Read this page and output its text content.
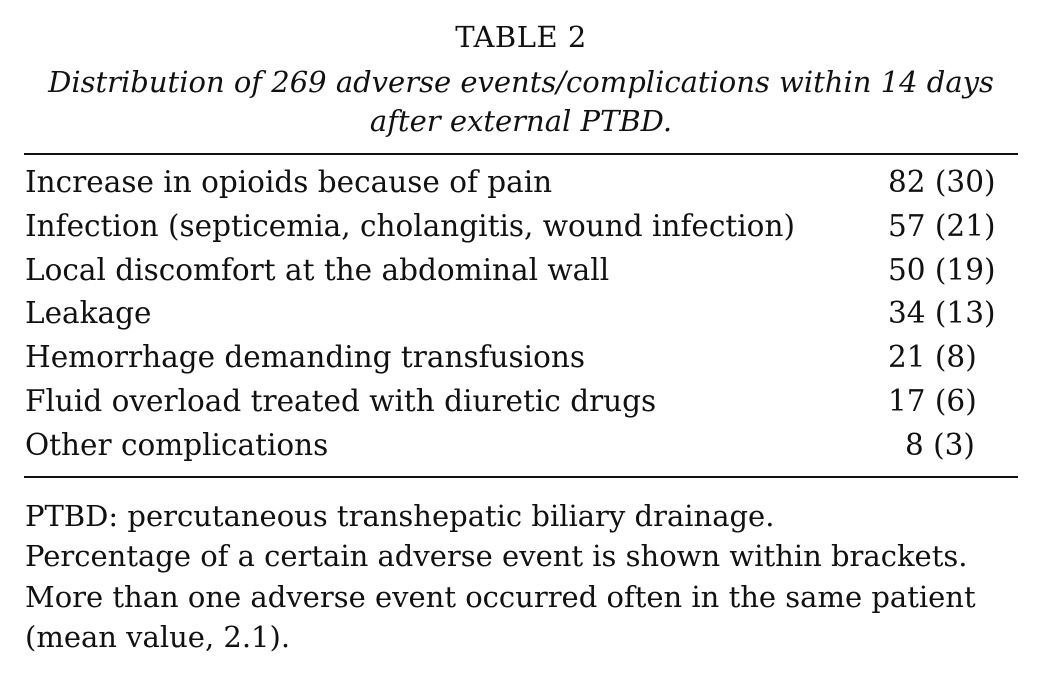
TABLE 2
Distribution of 269 adverse events/complications within 14 days after external PTBD.
Increase in opioids because of pain	82 (30)
Infection (septicemia, cholangitis, wound infection)	57 (21)
Local discomfort at the abdominal wall	50 (19)
Leakage	34 (13)
Hemorrhage demanding transfusions	21 (8)
Fluid overload treated with diuretic drugs	17 (6)
Other complications	8 (3)

PTBD: percutaneous transhepatic biliary drainage.

Percentage of a certain adverse event is shown within brackets.

More than one adverse event occurred often in the same patient

(mean value, 2.1).
